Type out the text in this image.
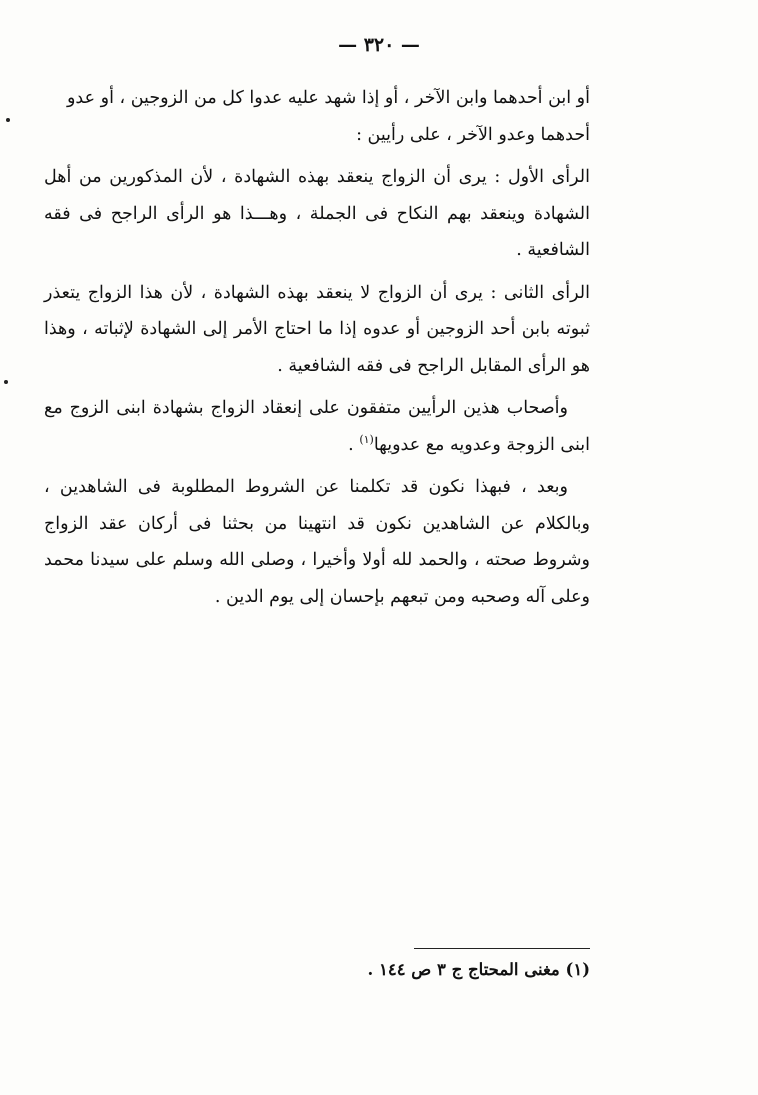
— ٣٢٠ —

أو ابن أحدهما وابن الآخر ، أو إذا شهد عليه عدوا كل من الزوجين ، أو عدو
أحدهما وعدو الآخر ، على رأيين :

الرأى الأول : يرى أن الزواج ينعقد بهذه الشهادة ، لأن المذكورين من أهل الشهادة وينعقد بهم النكاح فى الجملة ، وهـــذا هو الرأى الراجح فى فقه الشافعية .

الرأى الثانى : يرى أن الزواج لا ينعقد بهذه الشهادة ، لأن هذا الزواج يتعذر ثبوته بابن أحد الزوجين أو عدوه إذا ما احتاج الأمر إلى الشهادة لإثباته ، وهذا هو الرأى المقابل الراجح فى فقه الشافعية .

وأصحاب هذين الرأيين متفقون على إنعقاد الزواج بشهادة ابنى الزوج مع ابنى الزوجة وعدويه مع عدويها$^{(١)}$ .

وبعد ، فبهذا نكون قد تكلمنا عن الشروط المطلوبة فى الشاهدين ، وبالكلام عن الشاهدين نكون قد انتهينا من بحثنا فى أركان عقد الزواج وشروط صحته ، والحمد لله أولا وأخيرا ، وصلى الله وسلم على سيدنا محمد وعلى آله وصحبه ومن تبعهم بإحسان إلى يوم الدين .

(١) مغنى المحتاج ج ٣ ص ١٤٤ .
